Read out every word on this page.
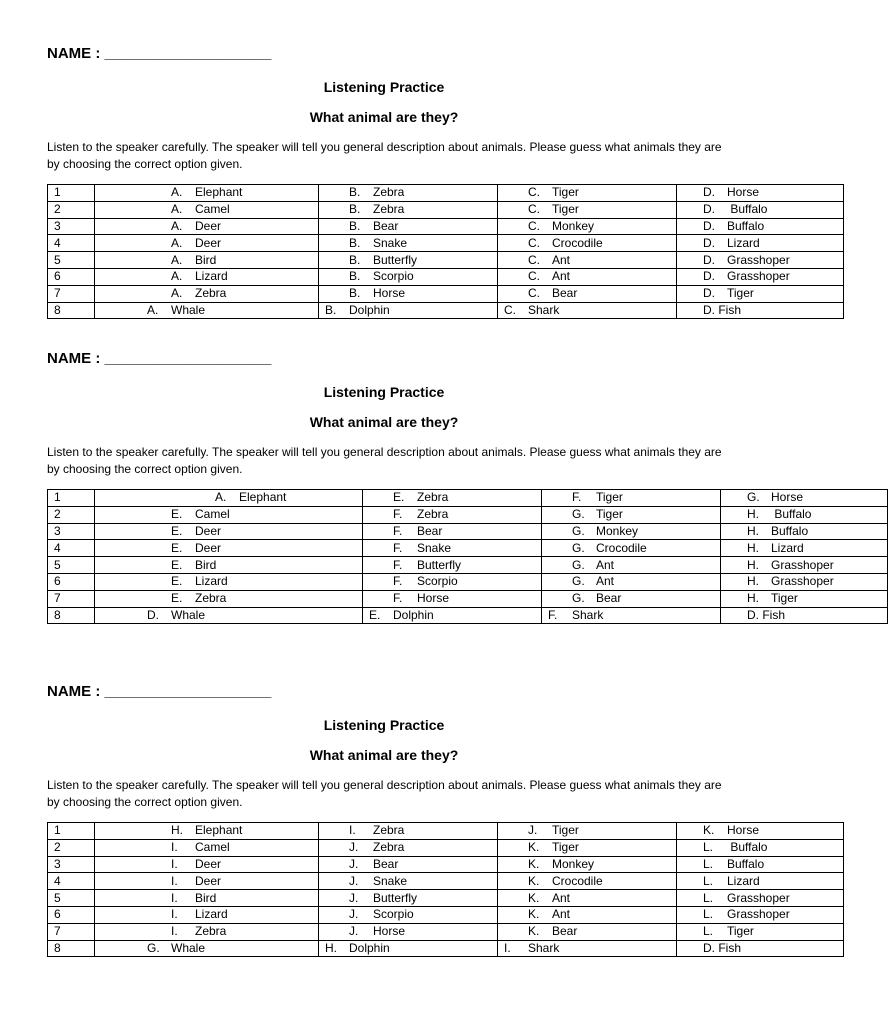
NAME : ____________________
Listening Practice
What animal are they?
Listen to the speaker carefully. The speaker will tell you general description about animals. Please guess what animals they are by choosing the correct option given.
1	A. Elephant	B. Zebra	C. Tiger	D. Horse
2	A. Camel	B. Zebra	C. Tiger	D. Buffalo
3	A. Deer	B. Bear	C. Monkey	D. Buffalo
4	A. Deer	B. Snake	C. Crocodile	D. Lizard
5	A. Bird	B. Butterfly	C. Ant	D. Grasshoper
6	A. Lizard	B. Scorpio	C. Ant	D. Grasshoper
7	A. Zebra	B. Horse	C. Bear	D. Tiger
8	A. Whale	B. Dolphin	C. Shark	D. Fish
NAME : ____________________
Listening Practice
What animal are they?
Listen to the speaker carefully. The speaker will tell you general description about animals. Please guess what animals they are by choosing the correct option given.
1	A. Elephant	E. Zebra	F. Tiger	G. Horse
2	E. Camel	F. Zebra	G. Tiger	H. Buffalo
3	E. Deer	F. Bear	G. Monkey	H. Buffalo
4	E. Deer	F. Snake	G. Crocodile	H. Lizard
5	E. Bird	F. Butterfly	G. Ant	H. Grasshoper
6	E. Lizard	F. Scorpio	G. Ant	H. Grasshoper
7	E. Zebra	F. Horse	G. Bear	H. Tiger
8	D. Whale	E. Dolphin	F. Shark	D. Fish
NAME : ____________________
Listening Practice
What animal are they?
Listen to the speaker carefully. The speaker will tell you general description about animals. Please guess what animals they are by choosing the correct option given.
1	H. Elephant	I. Zebra	J. Tiger	K. Horse
2	I. Camel	J. Zebra	K. Tiger	L. Buffalo
3	I. Deer	J. Bear	K. Monkey	L. Buffalo
4	I. Deer	J. Snake	K. Crocodile	L. Lizard
5	I. Bird	J. Butterfly	K. Ant	L. Grasshoper
6	I. Lizard	J. Scorpio	K. Ant	L. Grasshoper
7	I. Zebra	J. Horse	K. Bear	L. Tiger
8	G. Whale	H. Dolphin	I. Shark	D. Fish
